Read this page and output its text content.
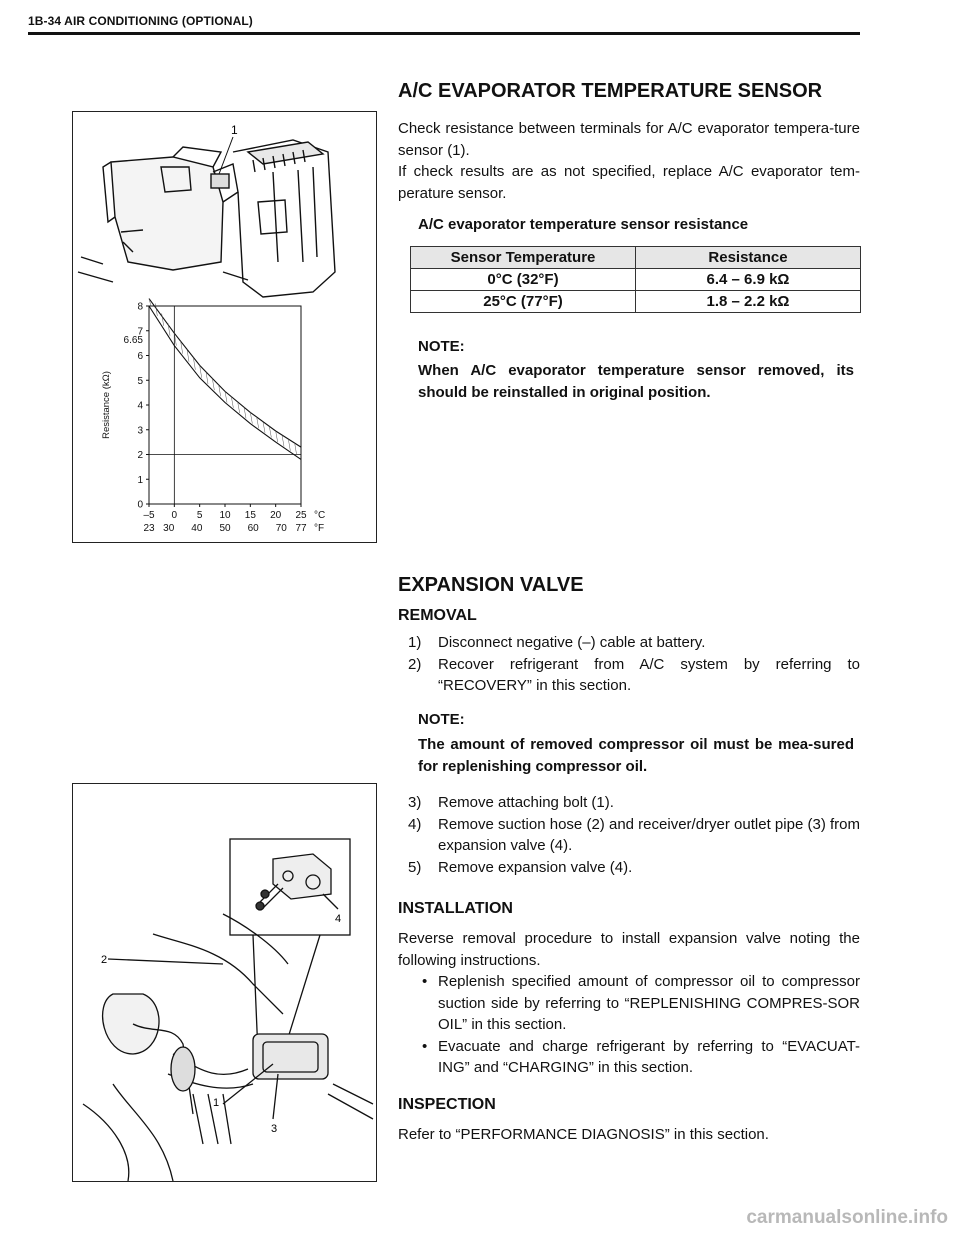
1B-34 AIR CONDITIONING (OPTIONAL)
A/C EVAPORATOR TEMPERATURE SENSOR
Check resistance between terminals for A/C evaporator tempera-ture sensor (1).
If check results are as not specified, replace A/C evaporator tem-perature sensor.
A/C evaporator temperature sensor resistance
Sensor Temperature	Resistance
0°C (32°F)	6.4 – 6.9 kΩ
25°C (77°F)	1.8 – 2.2 kΩ
NOTE:
When A/C evaporator temperature sensor removed, its should be reinstalled in original position.
1
0
1
2
3
4
5
6
7
8
6.65
–5 0 5 10 15 20 25 °C
23 30 40 50 60 70 77 °F
Resistance (kΩ)
EXPANSION VALVE
REMOVAL
1) Disconnect negative (–) cable at battery.
2) Recover refrigerant from A/C system by referring to “RECOVERY” in this section.
NOTE:
The amount of removed compressor oil must be mea-sured for replenishing compressor oil.
3) Remove attaching bolt (1).
4) Remove suction hose (2) and receiver/dryer outlet pipe (3) from expansion valve (4).
5) Remove expansion valve (4).
INSTALLATION
Reverse removal procedure to install expansion valve noting the following instructions.
• Replenish specified amount of compressor oil to compressor suction side by referring to “REPLENISHING COMPRES-SOR OIL” in this section.
• Evacuate and charge refrigerant by referring to “EVACUAT-ING” and “CHARGING” in this section.
INSPECTION
Refer to “PERFORMANCE DIAGNOSIS” in this section.
1
2
3
4
carmanualsonline.info
